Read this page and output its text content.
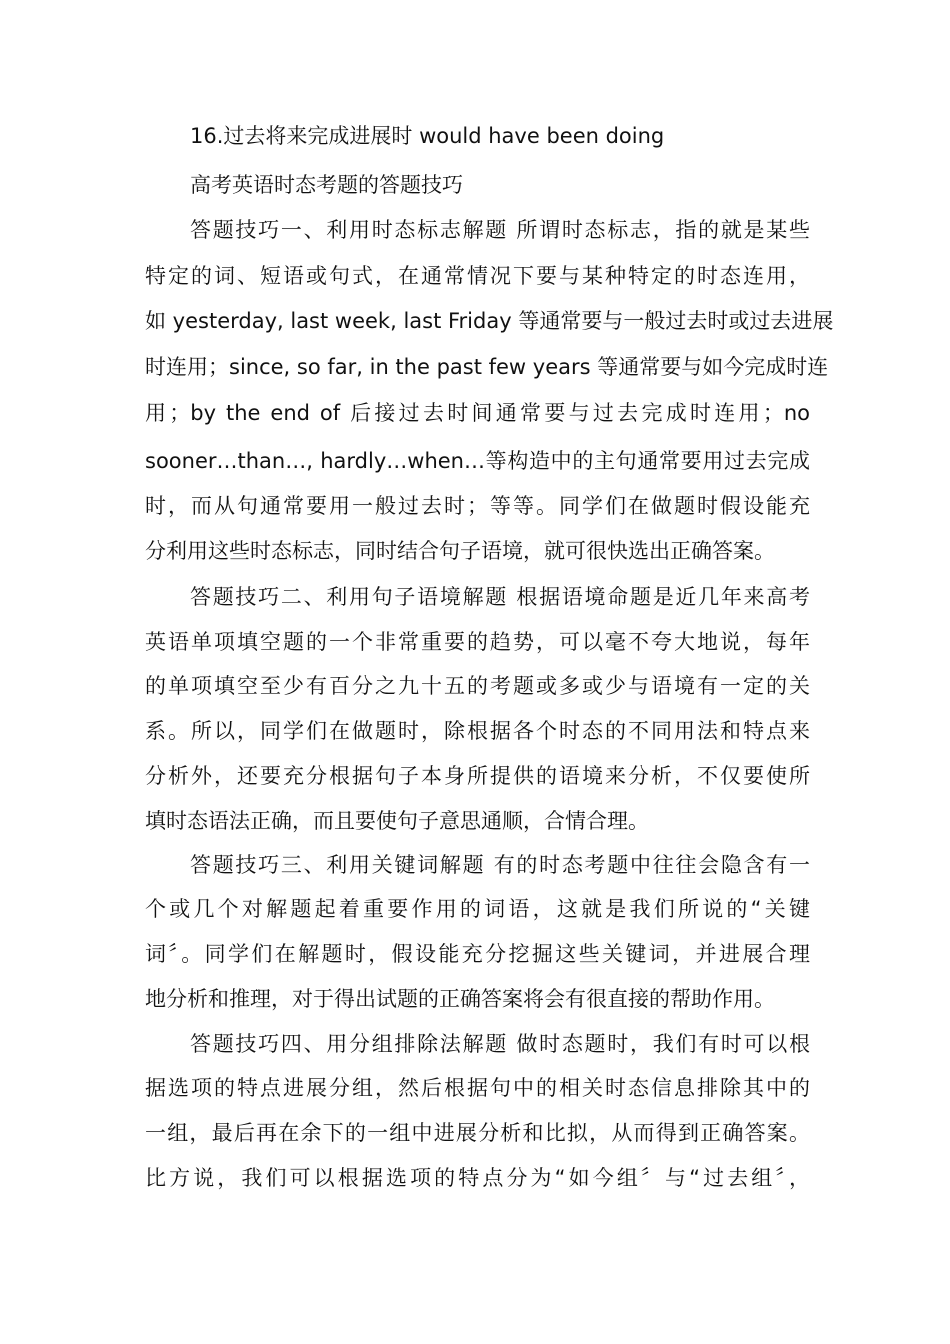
16.过去将来完成进展时 would have been doing
高考英语时态考题的答题技巧
答题技巧一、利用时态标志解题 所谓时态标志，指的就是某些
特定的词、短语或句式，在通常情况下要与某种特定的时态连用，
如 yesterday, last week, last Friday 等通常要与一般过去时或过去进展
时连用；since, so far, in the past few years 等通常要与如今完成时连
用；by the end of 后接过去时间通常要与过去完成时连用；no
sooner…than…, hardly…when…等构造中的主句通常要用过去完成
时，而从句通常要用一般过去时；等等。同学们在做题时假设能充
分利用这些时态标志，同时结合句子语境，就可很快选出正确答案。
答题技巧二、利用句子语境解题 根据语境命题是近几年来高考
英语单项填空题的一个非常重要的趋势，可以毫不夸大地说，每年
的单项填空至少有百分之九十五的考题或多或少与语境有一定的关
系。所以，同学们在做题时，除根据各个时态的不同用法和特点来
分析外，还要充分根据句子本身所提供的语境来分析，不仅要使所
填时态语法正确，而且要使句子意思通顺，合情合理。
答题技巧三、利用关键词解题 有的时态考题中往往会隐含有一
个或几个对解题起着重要作用的词语，这就是我们所说的“关键
词〞。同学们在解题时，假设能充分挖掘这些关键词，并进展合理
地分析和推理，对于得出试题的正确答案将会有很直接的帮助作用。
答题技巧四、用分组排除法解题 做时态题时，我们有时可以根
据选项的特点进展分组，然后根据句中的相关时态信息排除其中的
一组，最后再在余下的一组中进展分析和比拟，从而得到正确答案。
比方说，我们可以根据选项的特点分为“如今组〞与“过去组〞，
